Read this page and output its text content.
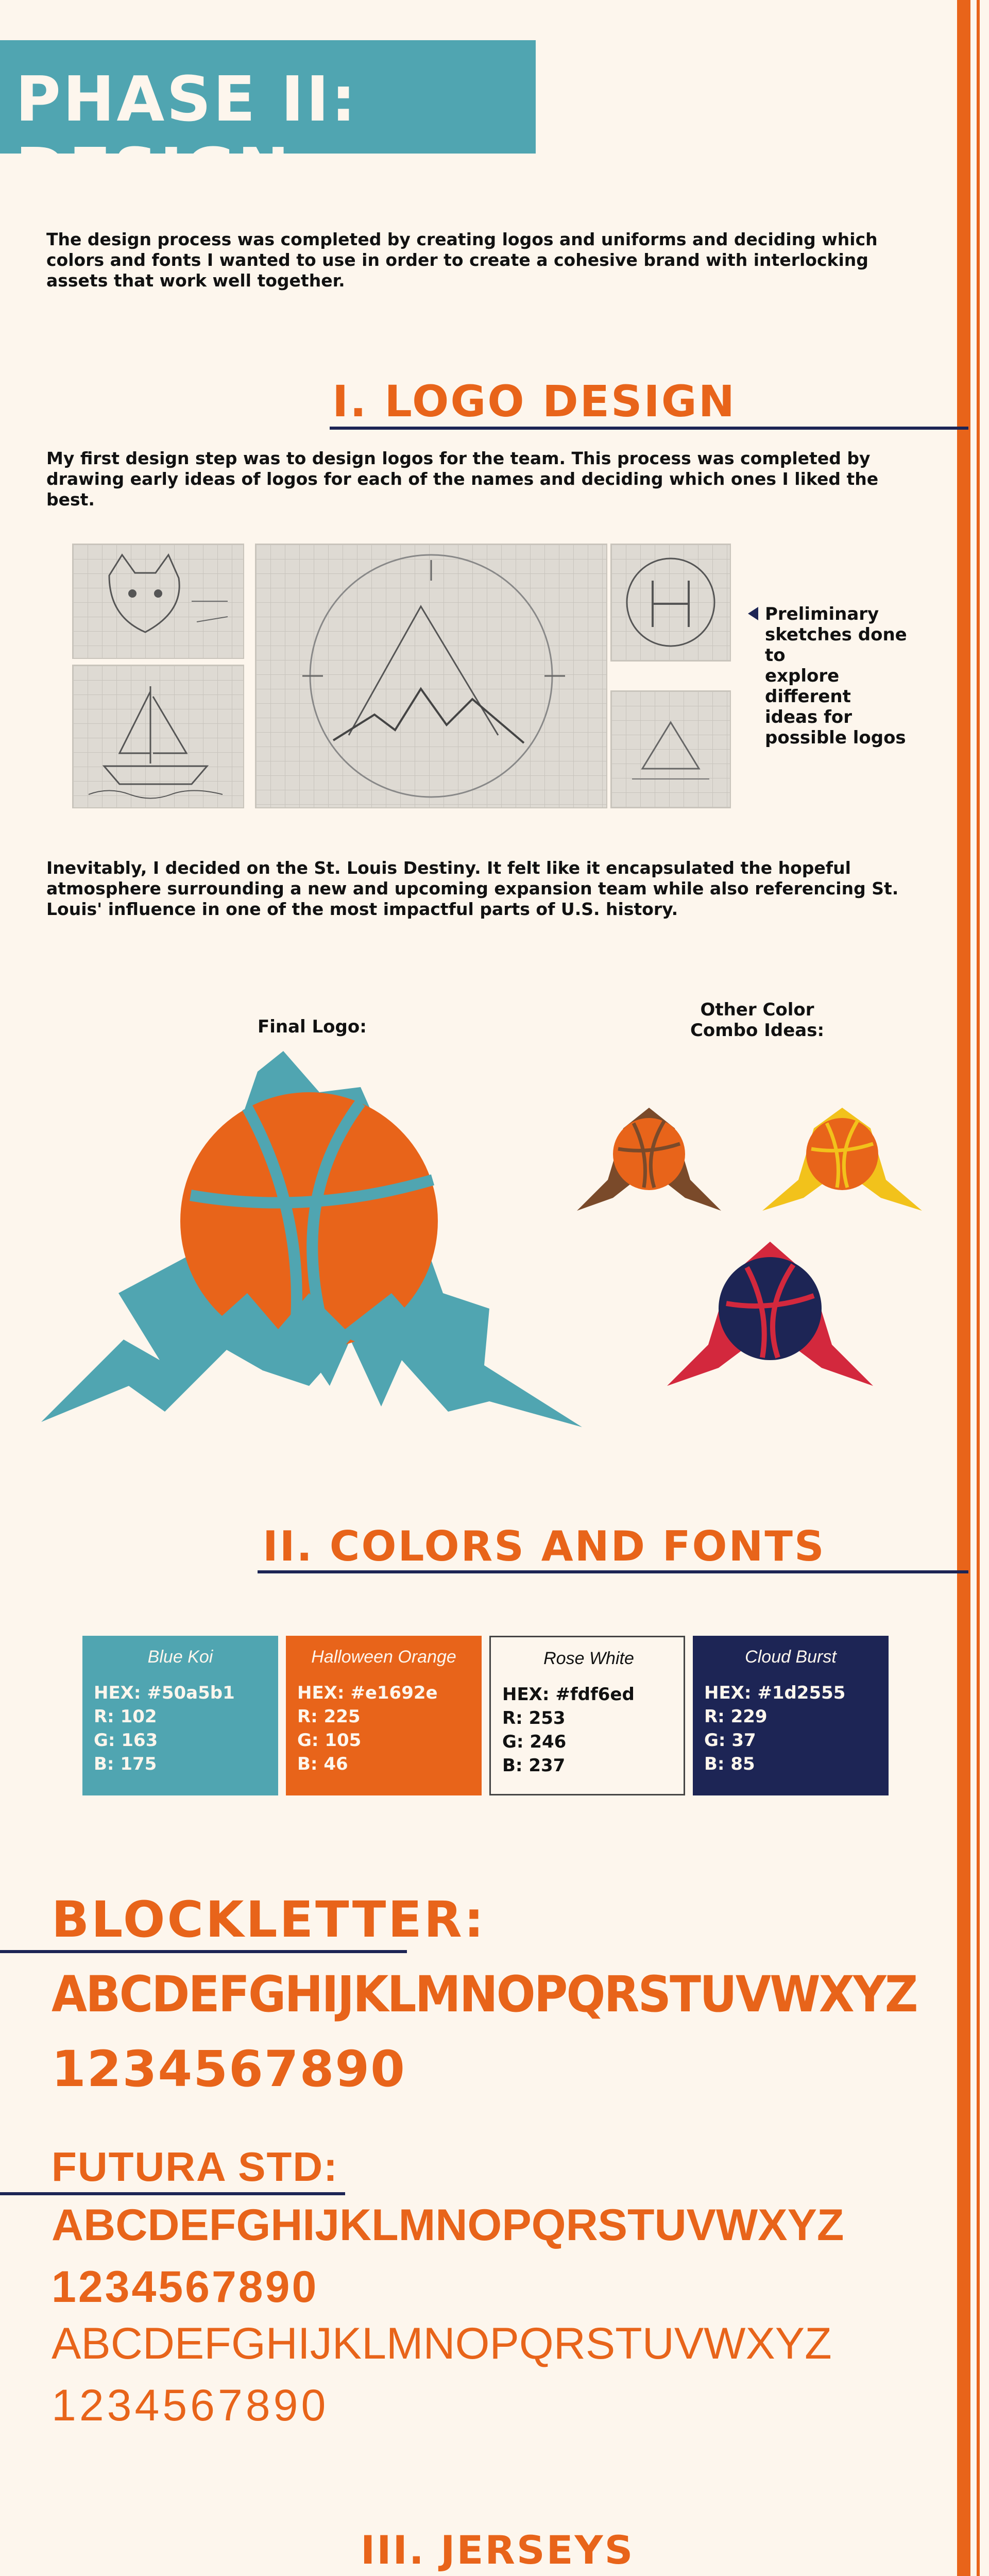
PHASE II: DESIGN
The design process was completed by creating logos and uniforms and deciding which
colors and fonts I wanted to use in order to create a cohesive brand with interlocking
assets that work well together.
I. LOGO DESIGN
My first design step was to design logos for the team. This process was completed by
drawing early ideas of logos for each of the names and deciding which ones I liked the
best.
Preliminary
sketches done to
explore different
ideas for
possible logos
Inevitably, I decided on the St. Louis Destiny. It felt like it encapsulated the hopeful
atmosphere surrounding a new and upcoming expansion team while also referencing St.
Louis' influence in one of the most impactful parts of U.S. history.
Final Logo:
Other Color
Combo Ideas:
II. COLORS AND FONTS
Blue Koi
HEX: #50a5b1
R: 102
G: 163
B: 175
Halloween Orange
HEX: #e1692e
R: 225
G: 105
B: 46
Rose White
HEX: #fdf6ed
R: 253
G: 246
B: 237
Cloud Burst
HEX: #1d2555
R: 229
G: 37
B: 85
BLOCKLETTER:
ABCDEFGHIJKLMNOPQRSTUVWXYZ
1234567890
FUTURA STD:
ABCDEFGHIJKLMNOPQRSTUVWXYZ
1234567890
ABCDEFGHIJKLMNOPQRSTUVWXYZ
1234567890
III. JERSEYS
